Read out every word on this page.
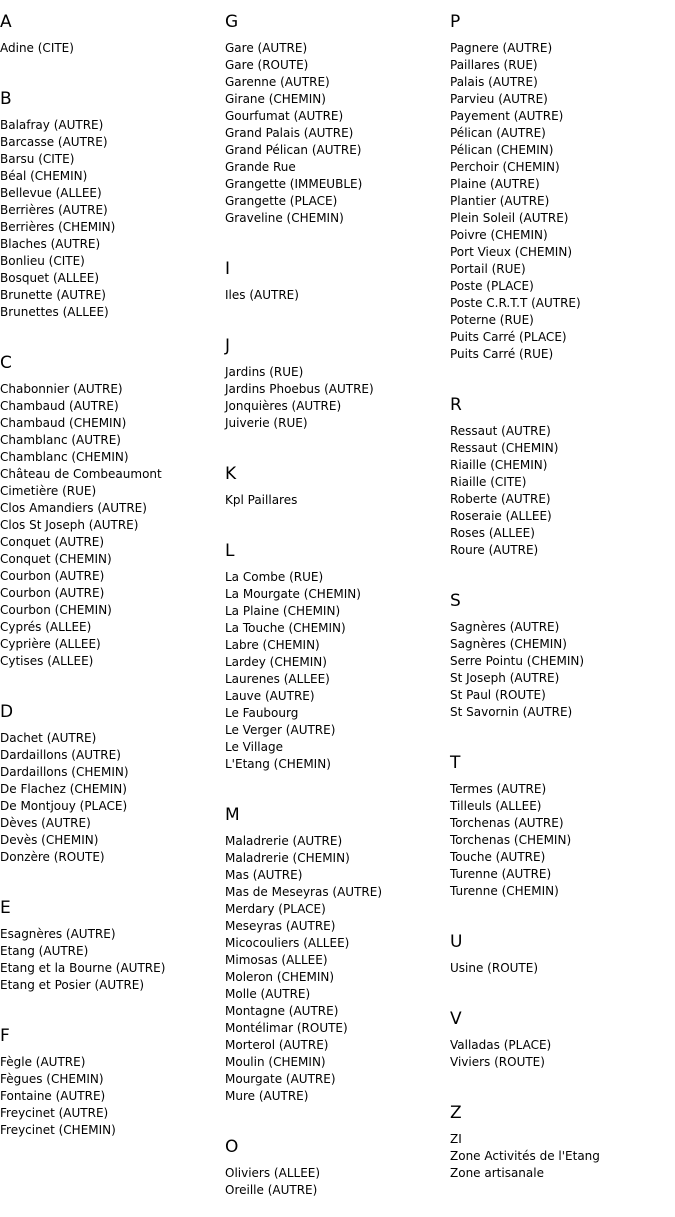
A
Adine (CITE)
B
Balafray (AUTRE)
Barcasse (AUTRE)
Barsu (CITE)
Béal (CHEMIN)
Bellevue (ALLEE)
Berrières (AUTRE)
Berrières (CHEMIN)
Blaches (AUTRE)
Bonlieu (CITE)
Bosquet (ALLEE)
Brunette (AUTRE)
Brunettes (ALLEE)
C
Chabonnier (AUTRE)
Chambaud (AUTRE)
Chambaud (CHEMIN)
Chamblanc (AUTRE)
Chamblanc (CHEMIN)
Château de Combeaumont
Cimetière (RUE)
Clos Amandiers (AUTRE)
Clos St Joseph (AUTRE)
Conquet (AUTRE)
Conquet (CHEMIN)
Courbon (AUTRE)
Courbon (AUTRE)
Courbon (CHEMIN)
Cyprés (ALLEE)
Cyprière (ALLEE)
Cytises (ALLEE)
D
Dachet (AUTRE)
Dardaillons (AUTRE)
Dardaillons (CHEMIN)
De Flachez (CHEMIN)
De Montjouy (PLACE)
Dèves (AUTRE)
Devès (CHEMIN)
Donzère (ROUTE)
E
Esagnères (AUTRE)
Etang (AUTRE)
Etang et la Bourne (AUTRE)
Etang et Posier (AUTRE)
F
Fègle (AUTRE)
Fègues (CHEMIN)
Fontaine (AUTRE)
Freycinet (AUTRE)
Freycinet (CHEMIN)
G
Gare (AUTRE)
Gare (ROUTE)
Garenne (AUTRE)
Girane (CHEMIN)
Gourfumat (AUTRE)
Grand Palais (AUTRE)
Grand Pélican (AUTRE)
Grande Rue
Grangette (IMMEUBLE)
Grangette (PLACE)
Graveline (CHEMIN)
I
Iles (AUTRE)
J
Jardins (RUE)
Jardins Phoebus (AUTRE)
Jonquières (AUTRE)
Juiverie (RUE)
K
Kpl Paillares
L
La Combe (RUE)
La Mourgate (CHEMIN)
La Plaine (CHEMIN)
La Touche (CHEMIN)
Labre (CHEMIN)
Lardey (CHEMIN)
Laurenes (ALLEE)
Lauve (AUTRE)
Le Faubourg
Le Verger (AUTRE)
Le Village
L'Etang (CHEMIN)
M
Maladrerie (AUTRE)
Maladrerie (CHEMIN)
Mas (AUTRE)
Mas de Meseyras (AUTRE)
Merdary (PLACE)
Meseyras (AUTRE)
Micocouliers (ALLEE)
Mimosas (ALLEE)
Moleron (CHEMIN)
Molle (AUTRE)
Montagne (AUTRE)
Montélimar (ROUTE)
Morterol (AUTRE)
Moulin (CHEMIN)
Mourgate (AUTRE)
Mure (AUTRE)
O
Oliviers (ALLEE)
Oreille (AUTRE)
P
Pagnere (AUTRE)
Paillares (RUE)
Palais (AUTRE)
Parvieu (AUTRE)
Payement (AUTRE)
Pélican (AUTRE)
Pélican (CHEMIN)
Perchoir (CHEMIN)
Plaine (AUTRE)
Plantier (AUTRE)
Plein Soleil (AUTRE)
Poivre (CHEMIN)
Port Vieux (CHEMIN)
Portail (RUE)
Poste (PLACE)
Poste C.R.T.T (AUTRE)
Poterne (RUE)
Puits Carré (PLACE)
Puits Carré (RUE)
R
Ressaut (AUTRE)
Ressaut (CHEMIN)
Riaille (CHEMIN)
Riaille (CITE)
Roberte (AUTRE)
Roseraie (ALLEE)
Roses (ALLEE)
Roure (AUTRE)
S
Sagnères (AUTRE)
Sagnères (CHEMIN)
Serre Pointu (CHEMIN)
St Joseph (AUTRE)
St Paul (ROUTE)
St Savornin (AUTRE)
T
Termes (AUTRE)
Tilleuls (ALLEE)
Torchenas (AUTRE)
Torchenas (CHEMIN)
Touche (AUTRE)
Turenne (AUTRE)
Turenne (CHEMIN)
U
Usine (ROUTE)
V
Valladas (PLACE)
Viviers (ROUTE)
Z
ZI
Zone Activités de l'Etang
Zone artisanale
